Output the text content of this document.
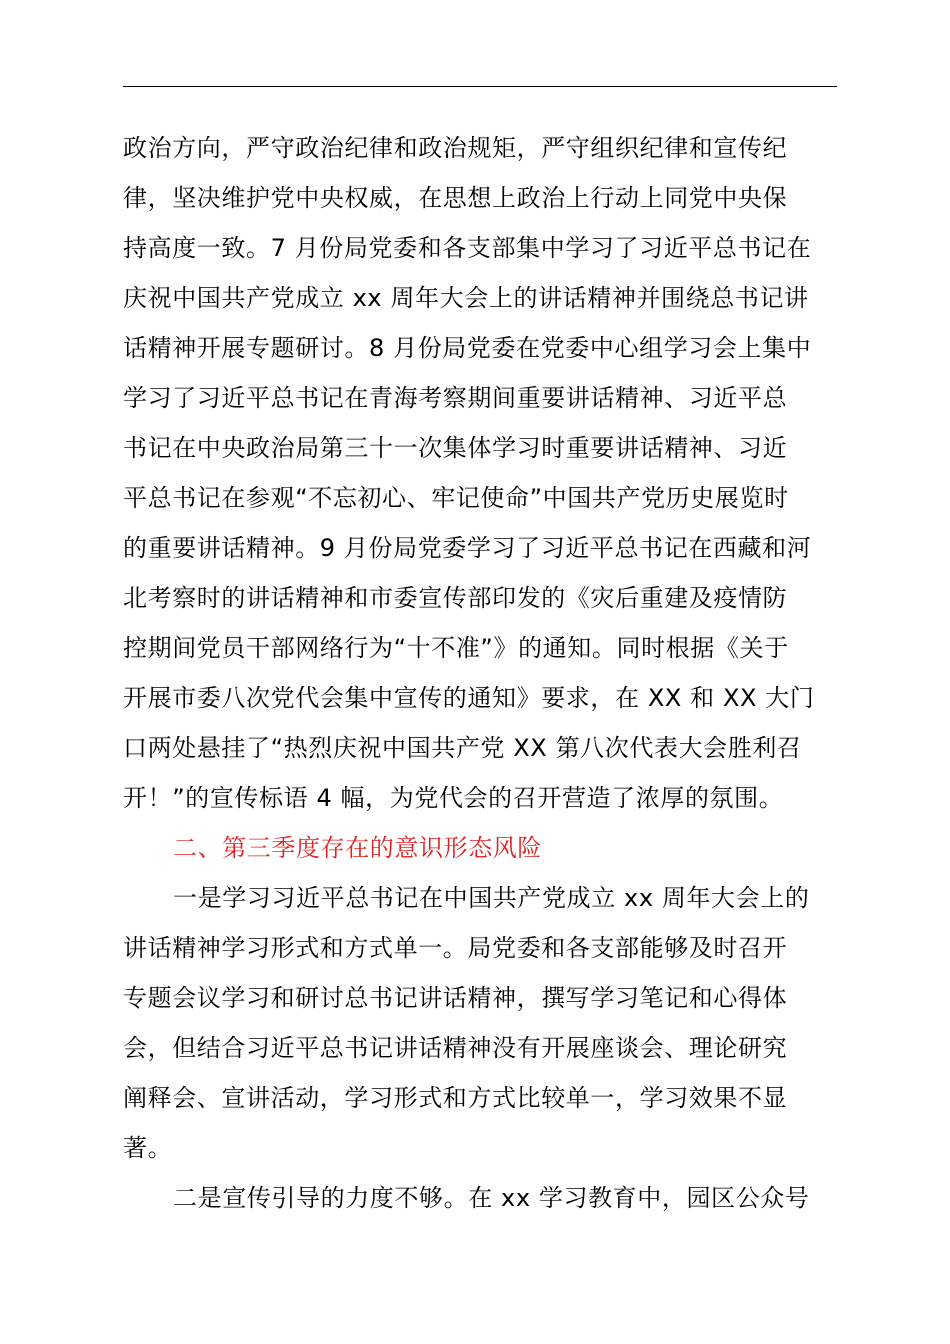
政治方向，严守政治纪律和政治规矩，严守组织纪律和宣传纪
律，坚决维护党中央权威，在思想上政治上行动上同党中央保
持高度一致。7 月份局党委和各支部集中学习了习近平总书记在
庆祝中国共产党成立 xx 周年大会上的讲话精神并围绕总书记讲
话精神开展专题研讨。8 月份局党委在党委中心组学习会上集中
学习了习近平总书记在青海考察期间重要讲话精神、习近平总
书记在中央政治局第三十一次集体学习时重要讲话精神、习近
平总书记在参观“不忘初心、牢记使命”中国共产党历史展览时
的重要讲话精神。9 月份局党委学习了习近平总书记在西藏和河
北考察时的讲话精神和市委宣传部印发的《灾后重建及疫情防
控期间党员干部网络行为“十不准”》的通知。同时根据《关于
开展市委八次党代会集中宣传的通知》要求，在 XX 和 XX 大门
口两处悬挂了“热烈庆祝中国共产党 XX 第八次代表大会胜利召
开！”的宣传标语 4 幅，为党代会的召开营造了浓厚的氛围。
二、第三季度存在的意识形态风险
一是学习习近平总书记在中国共产党成立 xx 周年大会上的
讲话精神学习形式和方式单一。局党委和各支部能够及时召开
专题会议学习和研讨总书记讲话精神，撰写学习笔记和心得体
会，但结合习近平总书记讲话精神没有开展座谈会、理论研究
阐释会、宣讲活动，学习形式和方式比较单一，学习效果不显
著。
二是宣传引导的力度不够。在 xx 学习教育中，园区公众号
